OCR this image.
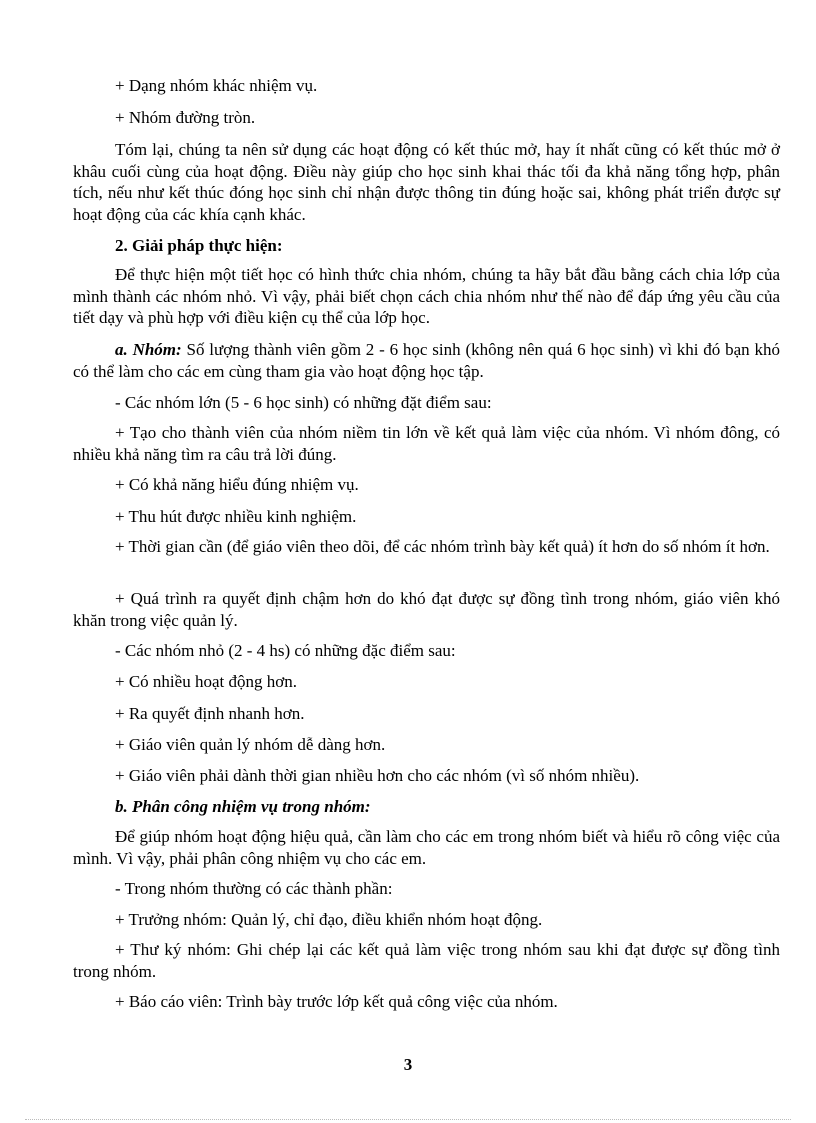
+ Dạng nhóm khác nhiệm vụ.

+ Nhóm đường tròn.

Tóm lại, chúng ta nên sử dụng các hoạt động có kết thúc mở, hay ít nhất cũng có kết thúc mở ở khâu cuối cùng của hoạt động. Điều này giúp cho học sinh khai thác tối đa khả năng tổng hợp, phân tích, nếu như kết thúc đóng học sinh chỉ nhận được thông tin đúng hoặc sai, không phát triển được sự hoạt động của các khía cạnh khác.

2. Giải pháp thực hiện:

Để thực hiện một tiết học có hình thức chia nhóm, chúng ta hãy bắt đầu bằng cách chia lớp của mình thành các nhóm nhỏ. Vì vậy, phải biết chọn cách chia nhóm như thế nào để đáp ứng yêu cầu của tiết dạy và phù hợp với điều kiện cụ thể của lớp học.
a. Nhóm: Số lượng thành viên gồm 2 - 6 học sinh (không nên quá 6 học sinh) vì khi đó bạn khó có thể làm cho các em cùng tham gia vào hoạt động học tập.

- Các nhóm lớn (5 - 6 học sinh) có những đặt điểm sau:

+ Tạo cho thành viên của nhóm niềm tin lớn về kết quả làm việc của nhóm. Vì nhóm đông, có nhiều khả năng tìm ra câu trả lời đúng.

+ Có khả năng hiểu đúng nhiệm vụ.

+ Thu hút được nhiều kinh nghiệm.

+ Thời gian cần (để giáo viên theo dõi, để các nhóm trình bày kết quả) ít hơn do số nhóm ít hơn.
+ Quá trình ra quyết định chậm hơn do khó đạt được sự đồng tình trong nhóm, giáo viên khó khăn trong việc quản lý.

- Các nhóm nhỏ (2 - 4 hs) có những đặc điểm sau:

+ Có nhiều hoạt động hơn.

+ Ra quyết định nhanh hơn.

+ Giáo viên quản lý nhóm dễ dàng hơn.

+ Giáo viên phải dành thời gian nhiều hơn cho các nhóm (vì số nhóm nhiều).

b. Phân công nhiệm vụ trong nhóm:

Để giúp nhóm hoạt động hiệu quả, cần làm cho các em trong nhóm biết và hiểu rõ công việc của mình. Vì vậy, phải phân công nhiệm vụ cho các em.

- Trong nhóm thường có các thành phần:

+ Trưởng nhóm: Quản lý, chỉ đạo, điều khiển nhóm hoạt động.

+ Thư ký nhóm: Ghi chép lại các kết quả làm việc trong nhóm sau khi đạt được sự đồng tình trong nhóm.

+ Báo cáo viên: Trình bày trước lớp kết quả công việc của nhóm.

3
